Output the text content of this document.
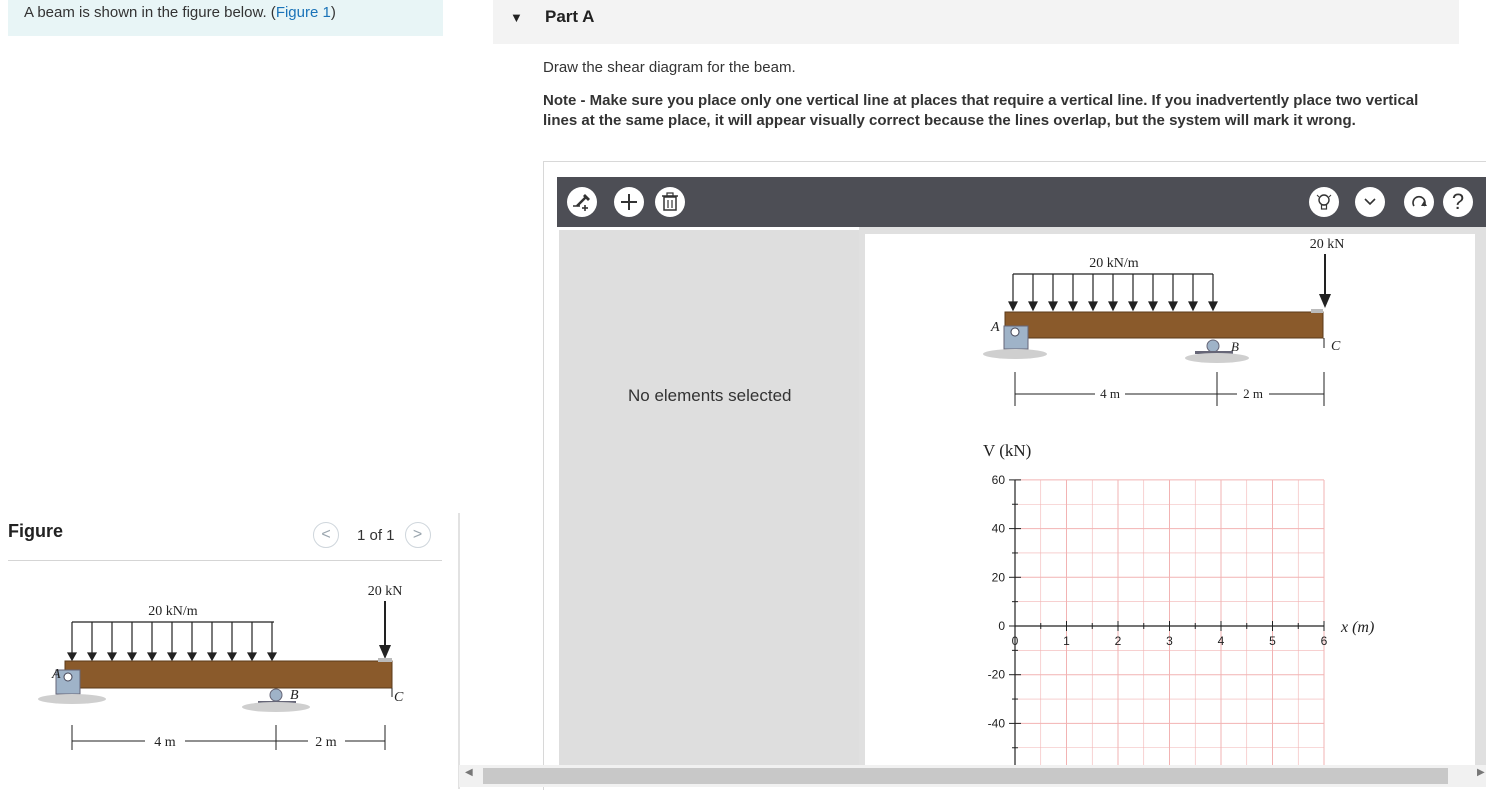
A beam is shown in the figure below. (Figure 1)
Figure	< 1 of 1 >
20 kN/m
20 kN
A
B	C
4 m	2 m
▼ Part A
Draw the shear diagram for the beam.
Note - Make sure you place only one vertical line at places that require a vertical line. If you inadvertently place two vertical lines at the same place, it will appear visually correct because the lines overlap, but the system will mark it wrong.
?
No elements selected
20 kN/m
20 kN
A
B	C
4 m	2 m
V (kN)
x (m)
60
40
20
0
-20
-40
0	1	2	3	4	5	6
◀	▶
